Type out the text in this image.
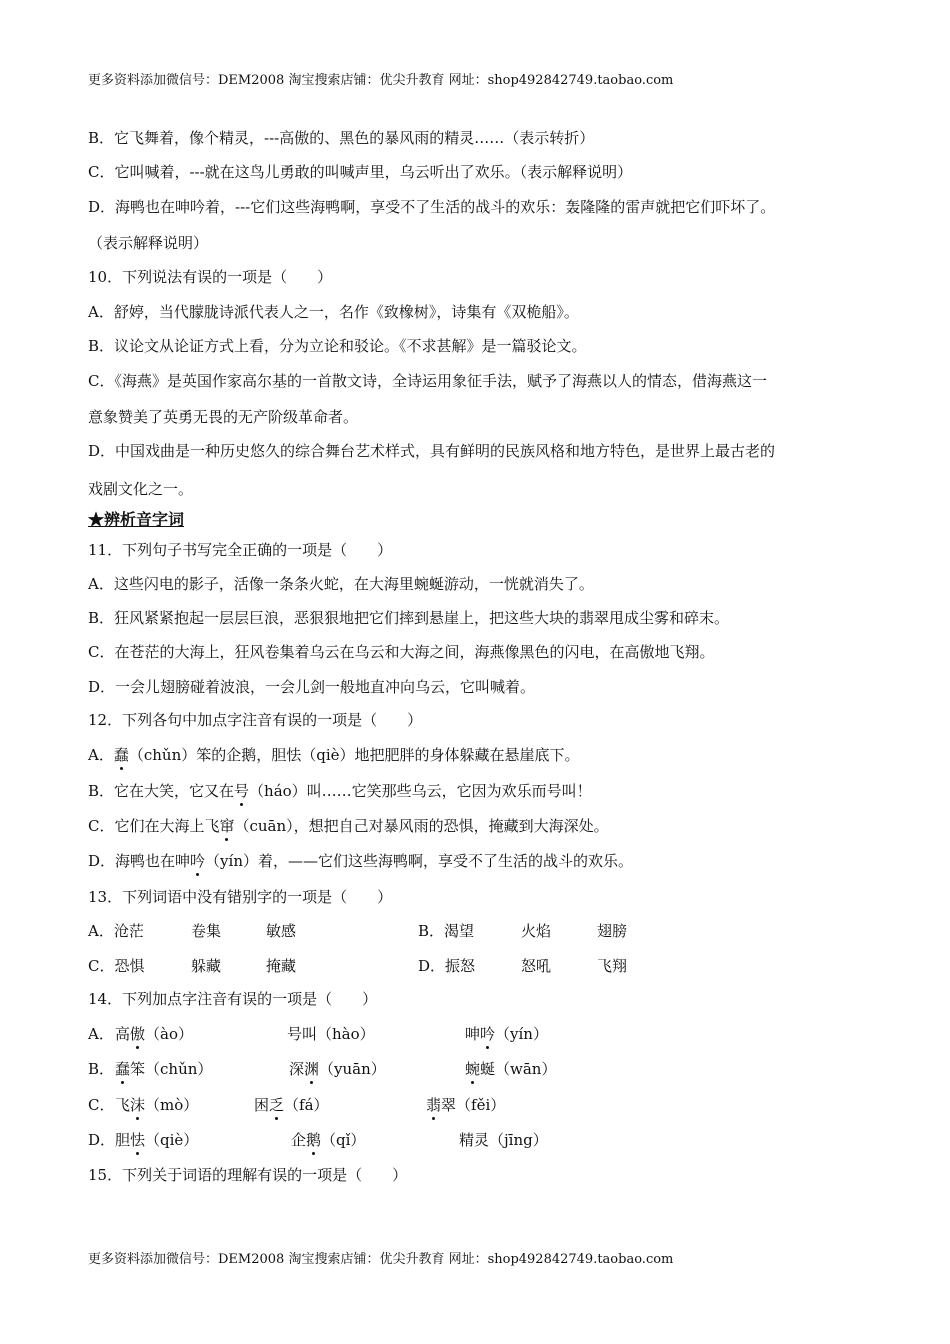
更多资料添加微信号：DEM2008 淘宝搜索店铺：优尖升教育 网址：shop492842749.taobao.com
B．它飞舞着，像个精灵，---高傲的、黑色的暴风雨的精灵……（表示转折）
C．它叫喊着，---就在这鸟儿勇敢的叫喊声里，乌云听出了欢乐。（表示解释说明）
D．海鸭也在呻吟着，---它们这些海鸭啊，享受不了生活的战斗的欢乐：轰隆隆的雷声就把它们吓坏了。
（表示解释说明）
10．下列说法有误的一项是（　　）
A．舒婷，当代朦胧诗派代表人之一，名作《致橡树》，诗集有《双桅船》。
B．议论文从论证方式上看，分为立论和驳论。《不求甚解》是一篇驳论文。
C．《海燕》是英国作家高尔基的一首散文诗，全诗运用象征手法，赋予了海燕以人的情态，借海燕这一
意象赞美了英勇无畏的无产阶级革命者。
D．中国戏曲是一种历史悠久的综合舞台艺术样式，具有鲜明的民族风格和地方特色，是世界上最古老的
戏剧文化之一。
★辨析音字词
11．下列句子书写完全正确的一项是（　　）
A．这些闪电的影子，活像一条条火蛇，在大海里蜿蜒游动，一恍就消失了。
B．狂风紧紧抱起一层层巨浪，恶狠狠地把它们摔到悬崖上，把这些大块的翡翠甩成尘雾和碎末。
C．在苍茫的大海上，狂风卷集着乌云在乌云和大海之间，海燕像黑色的闪电，在高傲地飞翔。
D．一会儿翅膀碰着波浪，一会儿剑一般地直冲向乌云，它叫喊着。
12．下列各句中加点字注音有误的一项是（　　）
A．蠢（chǔn）笨的企鹅，胆怯（qiè）地把肥胖的身体躲藏在悬崖底下。
B．它在大笑，它又在号（háo）叫……它笑那些乌云，它因为欢乐而号叫！
C．它们在大海上飞窜（cuān），想把自己对暴风雨的恐惧，掩藏到大海深处。
D．海鸭也在呻吟（yín）着，——它们这些海鸭啊，享受不了生活的战斗的欢乐。
13．下列词语中没有错别字的一项是（　　）
A．沧茫	卷集	敏感	B．渴望	火焰	翅膀
C．恐惧	躲藏	掩藏	D．振怒	怒吼	飞翔
14．下列加点字注音有误的一项是（　　）
A． 高傲（ào）	号叫（hào）	呻吟（yín）
B． 蠢笨（chǔn）	深渊（yuān）	蜿蜒（wān）
C． 飞沫（mò）	困乏（fá）	翡翠（fěi）
D． 胆怯（qiè）	企鹅（qǐ）	精灵（jīng）
15．下列关于词语的理解有误的一项是（　　）
更多资料添加微信号：DEM2008 淘宝搜索店铺：优尖升教育 网址：shop492842749.taobao.com
